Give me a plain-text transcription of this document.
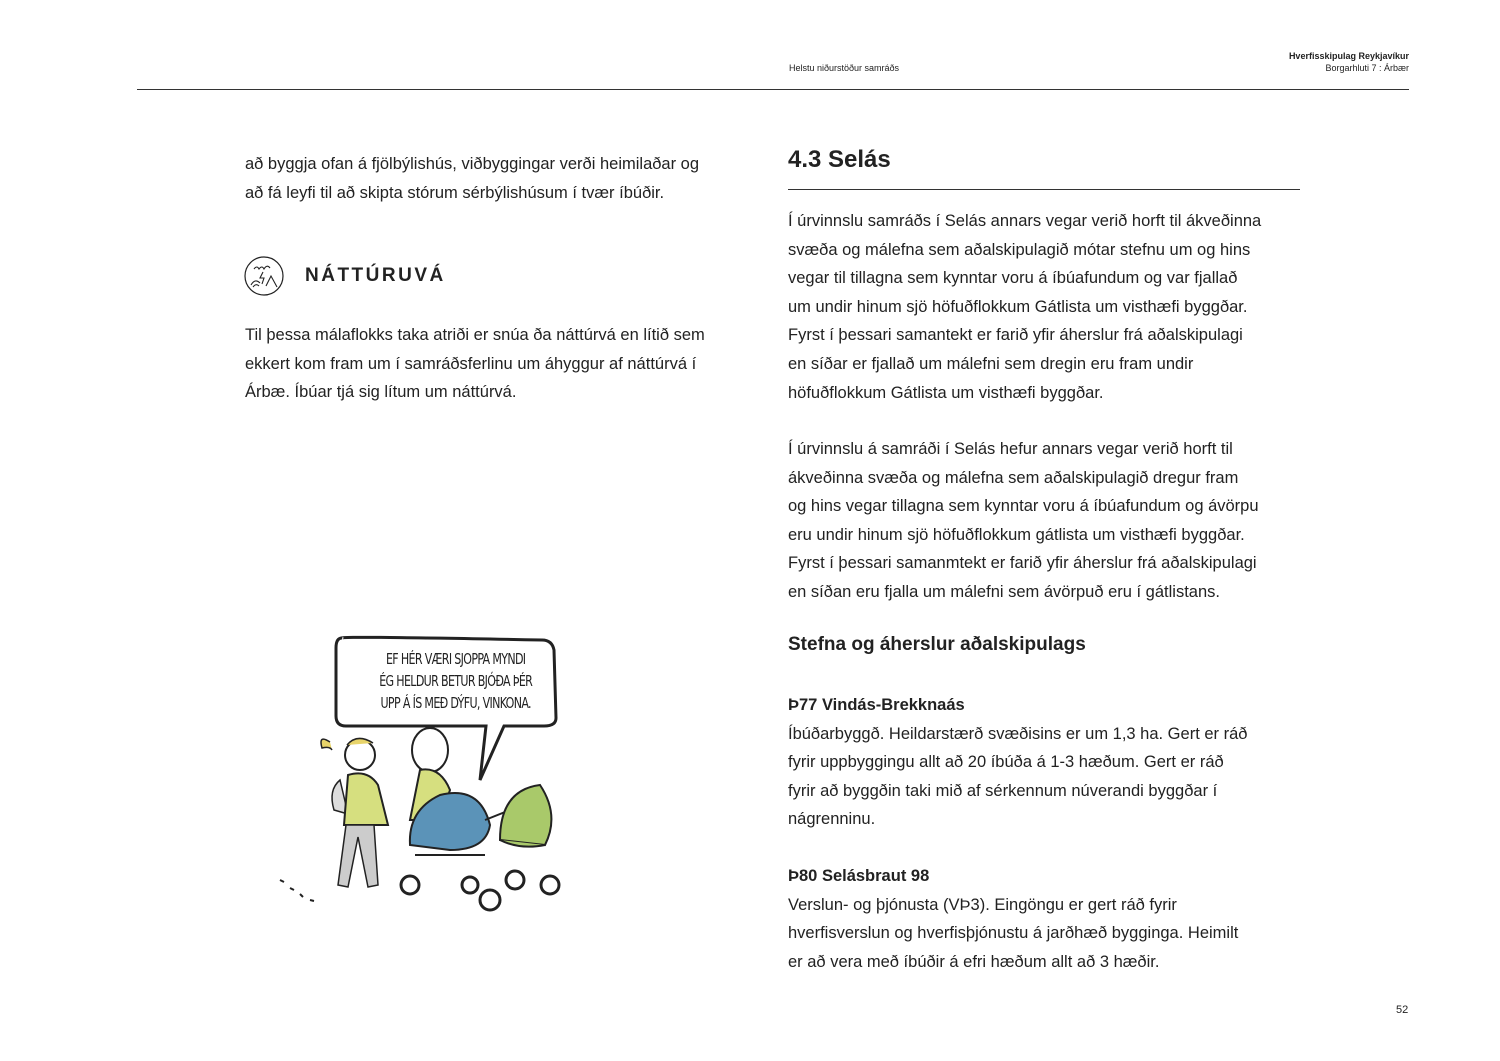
Helstu niðurstöður samráðs
Hverfisskipulag Reykjavíkur
Borgarhluti 7 : Árbær
að byggja ofan á fjölbýlishús, viðbyggingar verði heimilaðar og
að fá leyfi til að skipta stórum sérbýlishúsum í tvær íbúðir.
NÁTTÚRUVÁ
Til þessa málaflokks taka atriði er snúa ða náttúrvá en lítið sem
ekkert kom fram um í samráðsferlinu um áhyggur af náttúrvá í
Árbæ. Íbúar tjá sig lítum um náttúrvá.
EF HÉR VÆRI SJOPPA MYNDI
ÉG HELDUR BETUR BJÓÐA ÞÉR
UPP Á ÍS MEÐ DÝFU, VINKONA.
4.3 Selás
Í úrvinnslu samráðs í Selás annars vegar verið horft til ákveðinna
svæða og málefna sem aðalskipulagið mótar stefnu um og hins
vegar til tillagna sem kynntar voru á íbúafundum og var fjallað
um undir hinum sjö höfuðflokkum Gátlista um visthæfi byggðar.
Fyrst í þessari samantekt er farið yfir áherslur frá aðalskipulagi
en síðar er fjallað um málefni sem dregin eru fram undir
höfuðflokkum Gátlista um visthæfi byggðar.
Í úrvinnslu á samráði í Selás hefur annars vegar verið horft til
ákveðinna svæða og málefna sem aðalskipulagið dregur fram
og hins vegar tillagna sem kynntar voru á íbúafundum og ávörpu
eru undir hinum sjö höfuðflokkum gátlista um visthæfi byggðar.
Fyrst í þessari samanmtekt er farið yfir áherslur frá aðalskipulagi
en síðan eru fjalla um málefni sem ávörpuð eru í gátlistans.
Stefna og áherslur aðalskipulags
Þ77 Vindás-Brekknaás
Íbúðarbyggð. Heildarstærð svæðisins er um 1,3 ha. Gert er ráð
fyrir uppbyggingu allt að 20 íbúða á 1-3 hæðum. Gert er ráð
fyrir að byggðin taki mið af sérkennum núverandi byggðar í
nágrenninu.
Þ80 Selásbraut 98
Verslun- og þjónusta (VÞ3). Eingöngu er gert ráð fyrir
hverfisverslun og hverfisþjónustu á jarðhæð bygginga. Heimilt
er að vera með íbúðir á efri hæðum allt að 3 hæðir.
52
